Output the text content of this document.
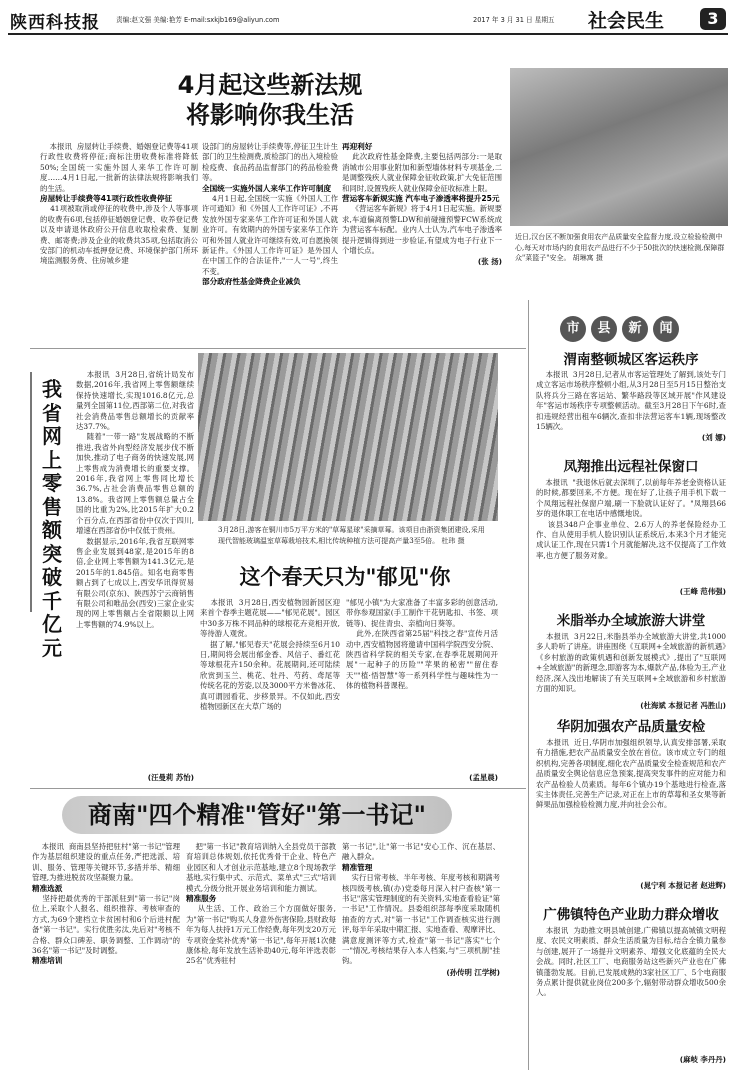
陕西科技报 责编:赵文强 美编:艳芳 E-mail:sxkjb169@aliyun.com	2017 年 3 月 31 日 星期五 社会民生	3
4月起这些新法规
将影响你我生活
本报讯  房屋转让手续费、婚姻登记费等41项行政性收费将停征;商标注册收费标准将降低50%;全国统一实施外国人来华工作许可制度……4月1日起,一批新的法律法规将影响我们的生活。
房屋转让手续费等41项行政性收费停征
41项被取消或停征的收费中,涉及个人等事项的收费有6项,包括停征婚姻登记费、收养登记费以及申请退休政府公开信息收取检索费、复制费、邮寄费;涉及企业的收费共35项,包括取消公安部门的机动车抵押登记费、环境保护部门所环境监测服务费、住房城乡建
设部门的房屋转让手续费等,停征卫生计生部门的卫生检测费,质检部门的出入境检验检疫费、食品药品监督部门的药品检验费等。
全国统一实施外国人来华工作许可制度
4月1日起,全国统一实施《外国人工作许可通知》和《外国人工作许可证》,不再发放外国专家来华工作许可证和外国人就业许可。有效期内的外国专家来华工作许可和外国人就业许可继续有效,可自愿换领新证件。《外国人工作许可证》是外国人在中国工作的合法证件,"一人一号",终生不变。
部分政府性基金降费企业减负
再迎利好
此次政府性基金降费,主要包括两部分:一是取消城市公用事业附加和新型墙体材料专项基金,二是调整残疾人就业保障金征收政策,扩大免征范围和同时,设置残疾人就业保障金征收标准上限。
营运客车新规实施 汽车电子渗透率将提升25元
《营运客车新规》将于4月1日起实施。新规要求,车道偏离预警LDW和前碰撞预警FCW系统成为营运客车标配。业内人士认为,汽车电子渗透率提升逻辑得到进一步验证,有望成为电子行业下一个增长点。
(张 扬)
近日,汉台区不断加强食用农产品质量安全监督力度,设立检验检测中心,每天对市场内的食用农产品进行不少于50批次的快速检测,保障群众"菜篮子"安全。 胡琳寓 摄
我省网上零售额突破千亿元
本报讯  3月28日,省统计局发布数据,2016年,我省网上零售额继续保持快速增长,实现1016.8亿元,总量列全国第11位,西部第二位,对我省社会消费品零售总额增长的贡献率达37.7%。
随着"一带一路"发展战略的不断推进,我省外向型经济发展步伐不断加快,推动了电子商务的快速发展,网上零售成为消费增长的重要支撑。2016年,我省网上零售同比增长36.7%,占社会消费品零售总额的13.8%。我省网上零售额总量占全国的比重为2%,比2015年扩大0.2个百分点,在西部省份中仅次于四川,增速在西部省份中仅低于贵州。
数据显示,2016年,我省互联网零售企业发展到48家,是2015年的8倍,企业网上零售额为141.3亿元,是2015年的1.845倍。知名电商零售额占到了七成以上,西安华讯得贸易有限公司(京东)、陕西苏宁云商销售有限公司和唯品会(西安)三家企业实现的网上零售额占全省限额以上网上零售额的74.9%以上。
(汪曼莉 苏怡)
3月28日,游客在铜川市5万平方米的"草莓星球"采摘草莓。该项目由浙资集团建设,采用现代智能玻璃温室草莓栽培技术,相比传统种植方法可提高产量3至5倍。 杜玮 摄
这个春天只为"郁见"你
本报讯  3月28日,西安植物园新园区迎来首个春季主题花展——"郁见花展"。园区中30多万株不同品种的球根花卉竞相开放,等待游人观赏。
据了解,"郁见春天"花展会持续至6月10日,期间将会展出郁金香、风信子、番红花等球根花卉150余种。花展期间,还可陆续欣赏到玉兰、桃花、牡丹、芍药、鸢尾等传统名花的芳姿,以及3000平方米鲁冰花、真可谓园看花、步移景异。不仅如此,西安植物园新区在大草广场的
"郁见小镇"为大家准备了丰富多彩的创意活动,带你参观国家(手工制作干花钥匙扣、书签、项链等)、捉住青虫、亲植向日葵等。
此外,在陕西省第25届"科技之春"宣传月活动中,西安植物园将邀请中国科学院西安分院、陕西省科学院的相关专家,在春季花展期间开展"一起种子的历险""苹果的秘密""留住春天""植·悟智慧"等一系列科学性与趣味性为一体的植物科普课程。
(孟星晨)
商南"四个精准"管好"第一书记"
本报讯  商南县坚持把驻村"第一书记"管理作为基层组织建设的重点任务,严把选派、培训、服务、管理等关键环节,多措并举、精细管理,为推进脱贫攻坚凝聚力量。
精准选派
坚持把最优秀的干部派驻到"第一书记"岗位上,采取个人报名、组织推荐、考核审查的方式,为69个建档立卡贫困村和6个后进村配备"第一书记"。实行优胜劣汰,先后对"考核不合格、群众口碑差、职务调整、工作调动"的36名"第一书记"及时调整。
精准培训
把"第一书记"教育培训纳入全县党员干部教育培训总体规划,依托优秀骨干企业、特色产业园区和人才创业示范基地,建立8个现场教学基地,实行集中式、示范式、菜单式"三式"培训模式,分级分批开展业务培训和能力测试。
精准服务
从生活、工作、政治三个方面做好服务,为"第一书记"购买人身意外伤害保险,县财政每年为每人扶持1万元工作经费,每年列支20万元专项资金奖补优秀"第一书记",每年开展1次健康体检,每年发放生活补助40元,每年评选表彰25名"优秀驻村
第一书记",让"第一书记"安心工作、沉在基层、融入群众。
精准管理
实行日常考核、半年考核、年度考核和期满考核四级考核,镇(办)党委每月深入村户查核"第一书记"落实管理制度的有关资料,实地查看验证"第一书记"工作情况。县委组织部每季度采取随机抽查的方式,对"第一书记"工作调查核实进行测评,每半年采取中期汇报、实地查看、观摩评比、满意度测评等方式,检查"第一书记"落实"七个一"情况,考核结果存入本人档案,与"三项机制"挂钩。
(孙传明 江学树)
市 县 新 闻
渭南整顿城区客运秩序
本报讯  3月28日,记者从市客运管理处了解到,该处专门成立客运市场秩序整顿小组,从3月28日至5月15日整治支队将兵分三路在客运站、繁华路段等区域开展"作风建设年"客运市场秩序专项整顿活动。截至3月28日下午6时,查扣违规经营出租车6辆次,查扣非法营运客车1辆,现场整改15辆次。
(刘 娜)
凤翔推出远程社保窗口
本报讯  "我退休后就去深圳了,以前每年养老金资格认证的时候,都要回来,不方便。现在好了,让孩子用手机下载一个凤翔远程社保窗户端,刷一下脸就认证好了。"凤翔县66岁的退休职工在电话中感慨地说。
该县348户企事业单位、2.6万人的养老保险经办工作、自从使用手机人脸识别认证系统后,本来3个月才能完成认证工作,现在只需1个月就能解决,这不仅提高了工作效率,也方便了服务对象。
(王峰 范伟强)
米脂举办全域旅游大讲堂
本报讯  3月22日,米脂县举办全域旅游大讲堂,共1000多人聆听了讲座。讲座围绕《互联网+全域旅游的新机遇》《乡村旅游的政策机遇和创新发展模式》,提出了"互联网+全域旅游"的新理念,即游客为本,爆款产品,体验为王,产业经济,深入浅出地解读了有关互联网+全域旅游和乡村旅游方面的知识。
(杜海斌 本报记者 冯胜山)
华阴加强农产品质量安检
本报讯  近日,华阴市加强组织领导,认真安排部署,采取有力措施,把农产品质量安全放在首位。该市成立专门的组织机构,完善各项制度,细化农产品质量安全检查规范和农产品质量安全舆论信息应急预案,提高突发事件的应对能力和农产品检验人员素质。每年6个镇办19个基地进行检查,落实主体责任,完善生产记录,对正在上市的草莓和圣女果等新鲜果品加强检验检测力度,并向社会公布。
(晁宁利 本报记者 赵进辉)
广佛镇特色产业助力群众增收
本报讯  为助推文明县城创建,广佛镇以提高城镇文明程度、农民文明素质、群众生活质量为目标,结合全镇力量参与创建,展开了一场提升文明素养、增强文化底蕴的全民大会战。同时,社区工厂、电商服务站这些新兴产业也在广佛镇蓬勃发展。目前,已发展成熟的3家社区工厂、5个电商服务点累计提供就业岗位200多个,辐射带动群众增收500余人。
(麻岐 李丹丹)
